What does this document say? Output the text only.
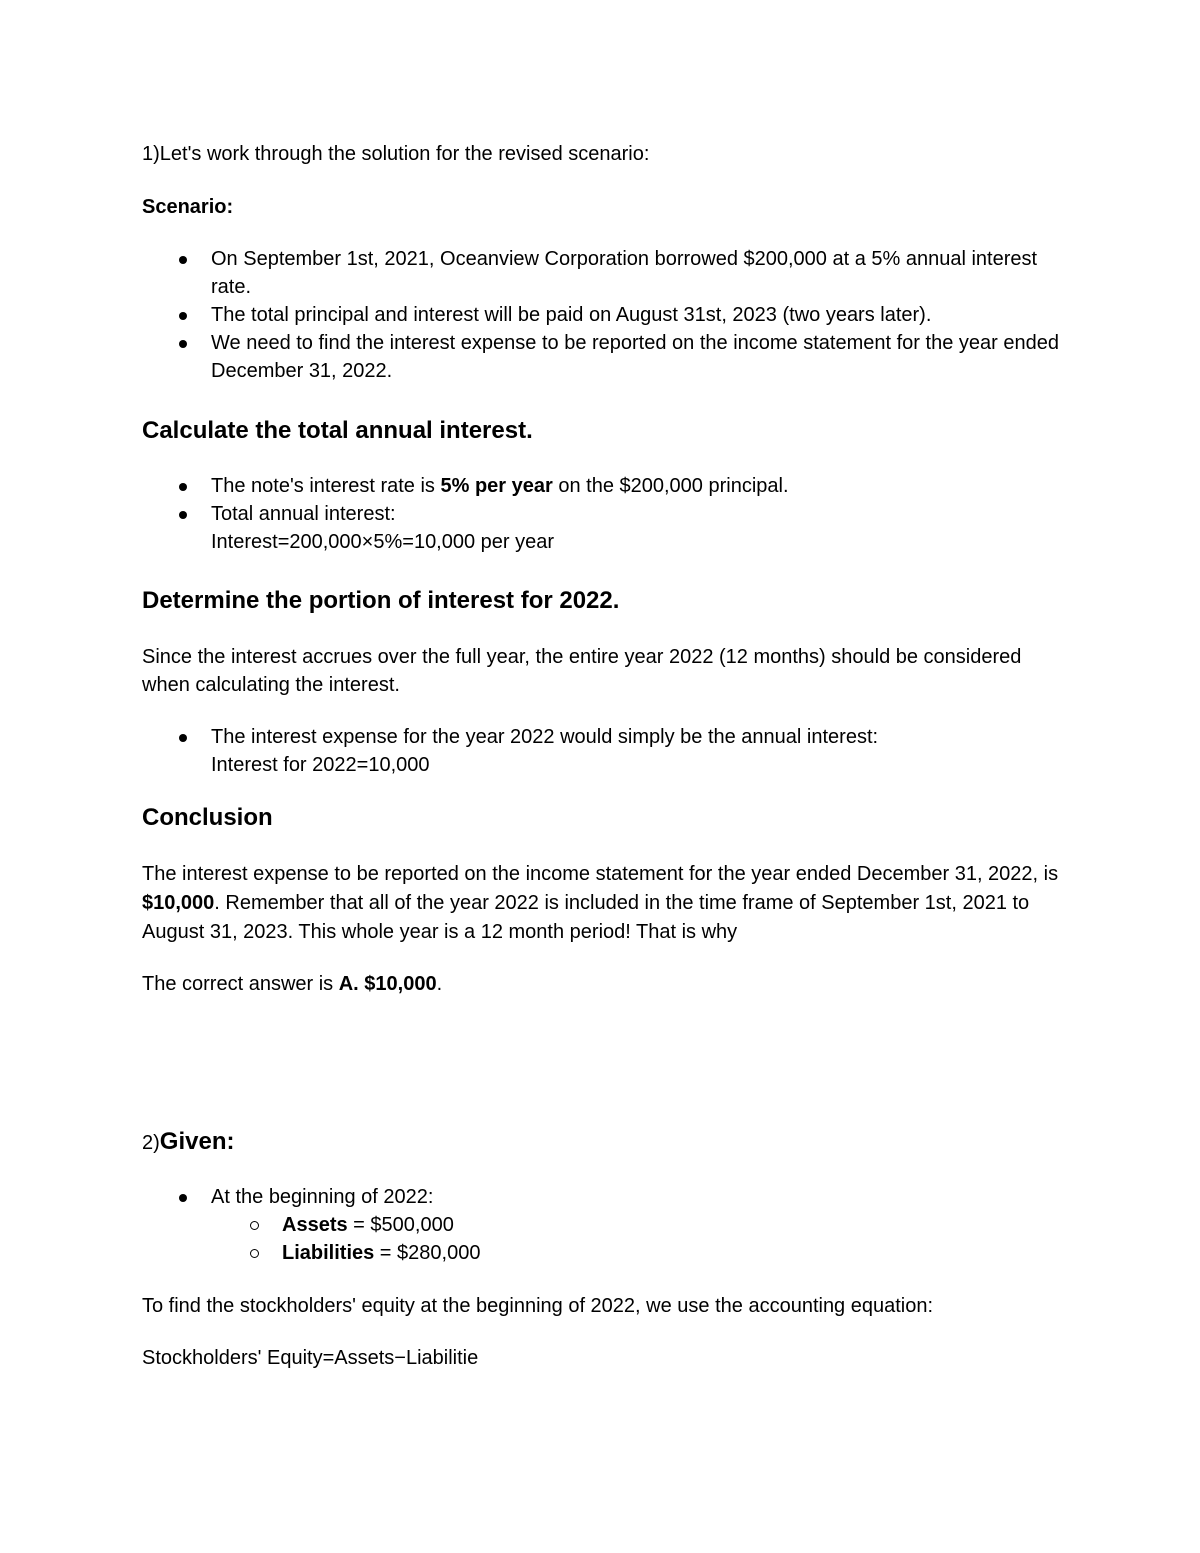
1)Let's work through the solution for the revised scenario:
Scenario:
On September 1st, 2021, Oceanview Corporation borrowed $200,000 at a 5% annual interest rate.
The total principal and interest will be paid on August 31st, 2023 (two years later).
We need to find the interest expense to be reported on the income statement for the year ended December 31, 2022.
Calculate the total annual interest.
The note's interest rate is 5% per year on the $200,000 principal.
Total annual interest:
Interest=200,000×5%=10,000 per year
Determine the portion of interest for 2022.
Since the interest accrues over the full year, the entire year 2022 (12 months) should be considered when calculating the interest.
The interest expense for the year 2022 would simply be the annual interest:
Interest for 2022=10,000
Conclusion
The interest expense to be reported on the income statement for the year ended December 31, 2022, is $10,000. Remember that all of the year 2022 is included in the time frame of September 1st, 2021 to August 31, 2023. This whole year is a 12 month period! That is why
The correct answer is A. $10,000.
2)Given:
At the beginning of 2022:
Assets = $500,000
Liabilities = $280,000
To find the stockholders' equity at the beginning of 2022, we use the accounting equation:
Stockholders' Equity=Assets−Liabilitie
